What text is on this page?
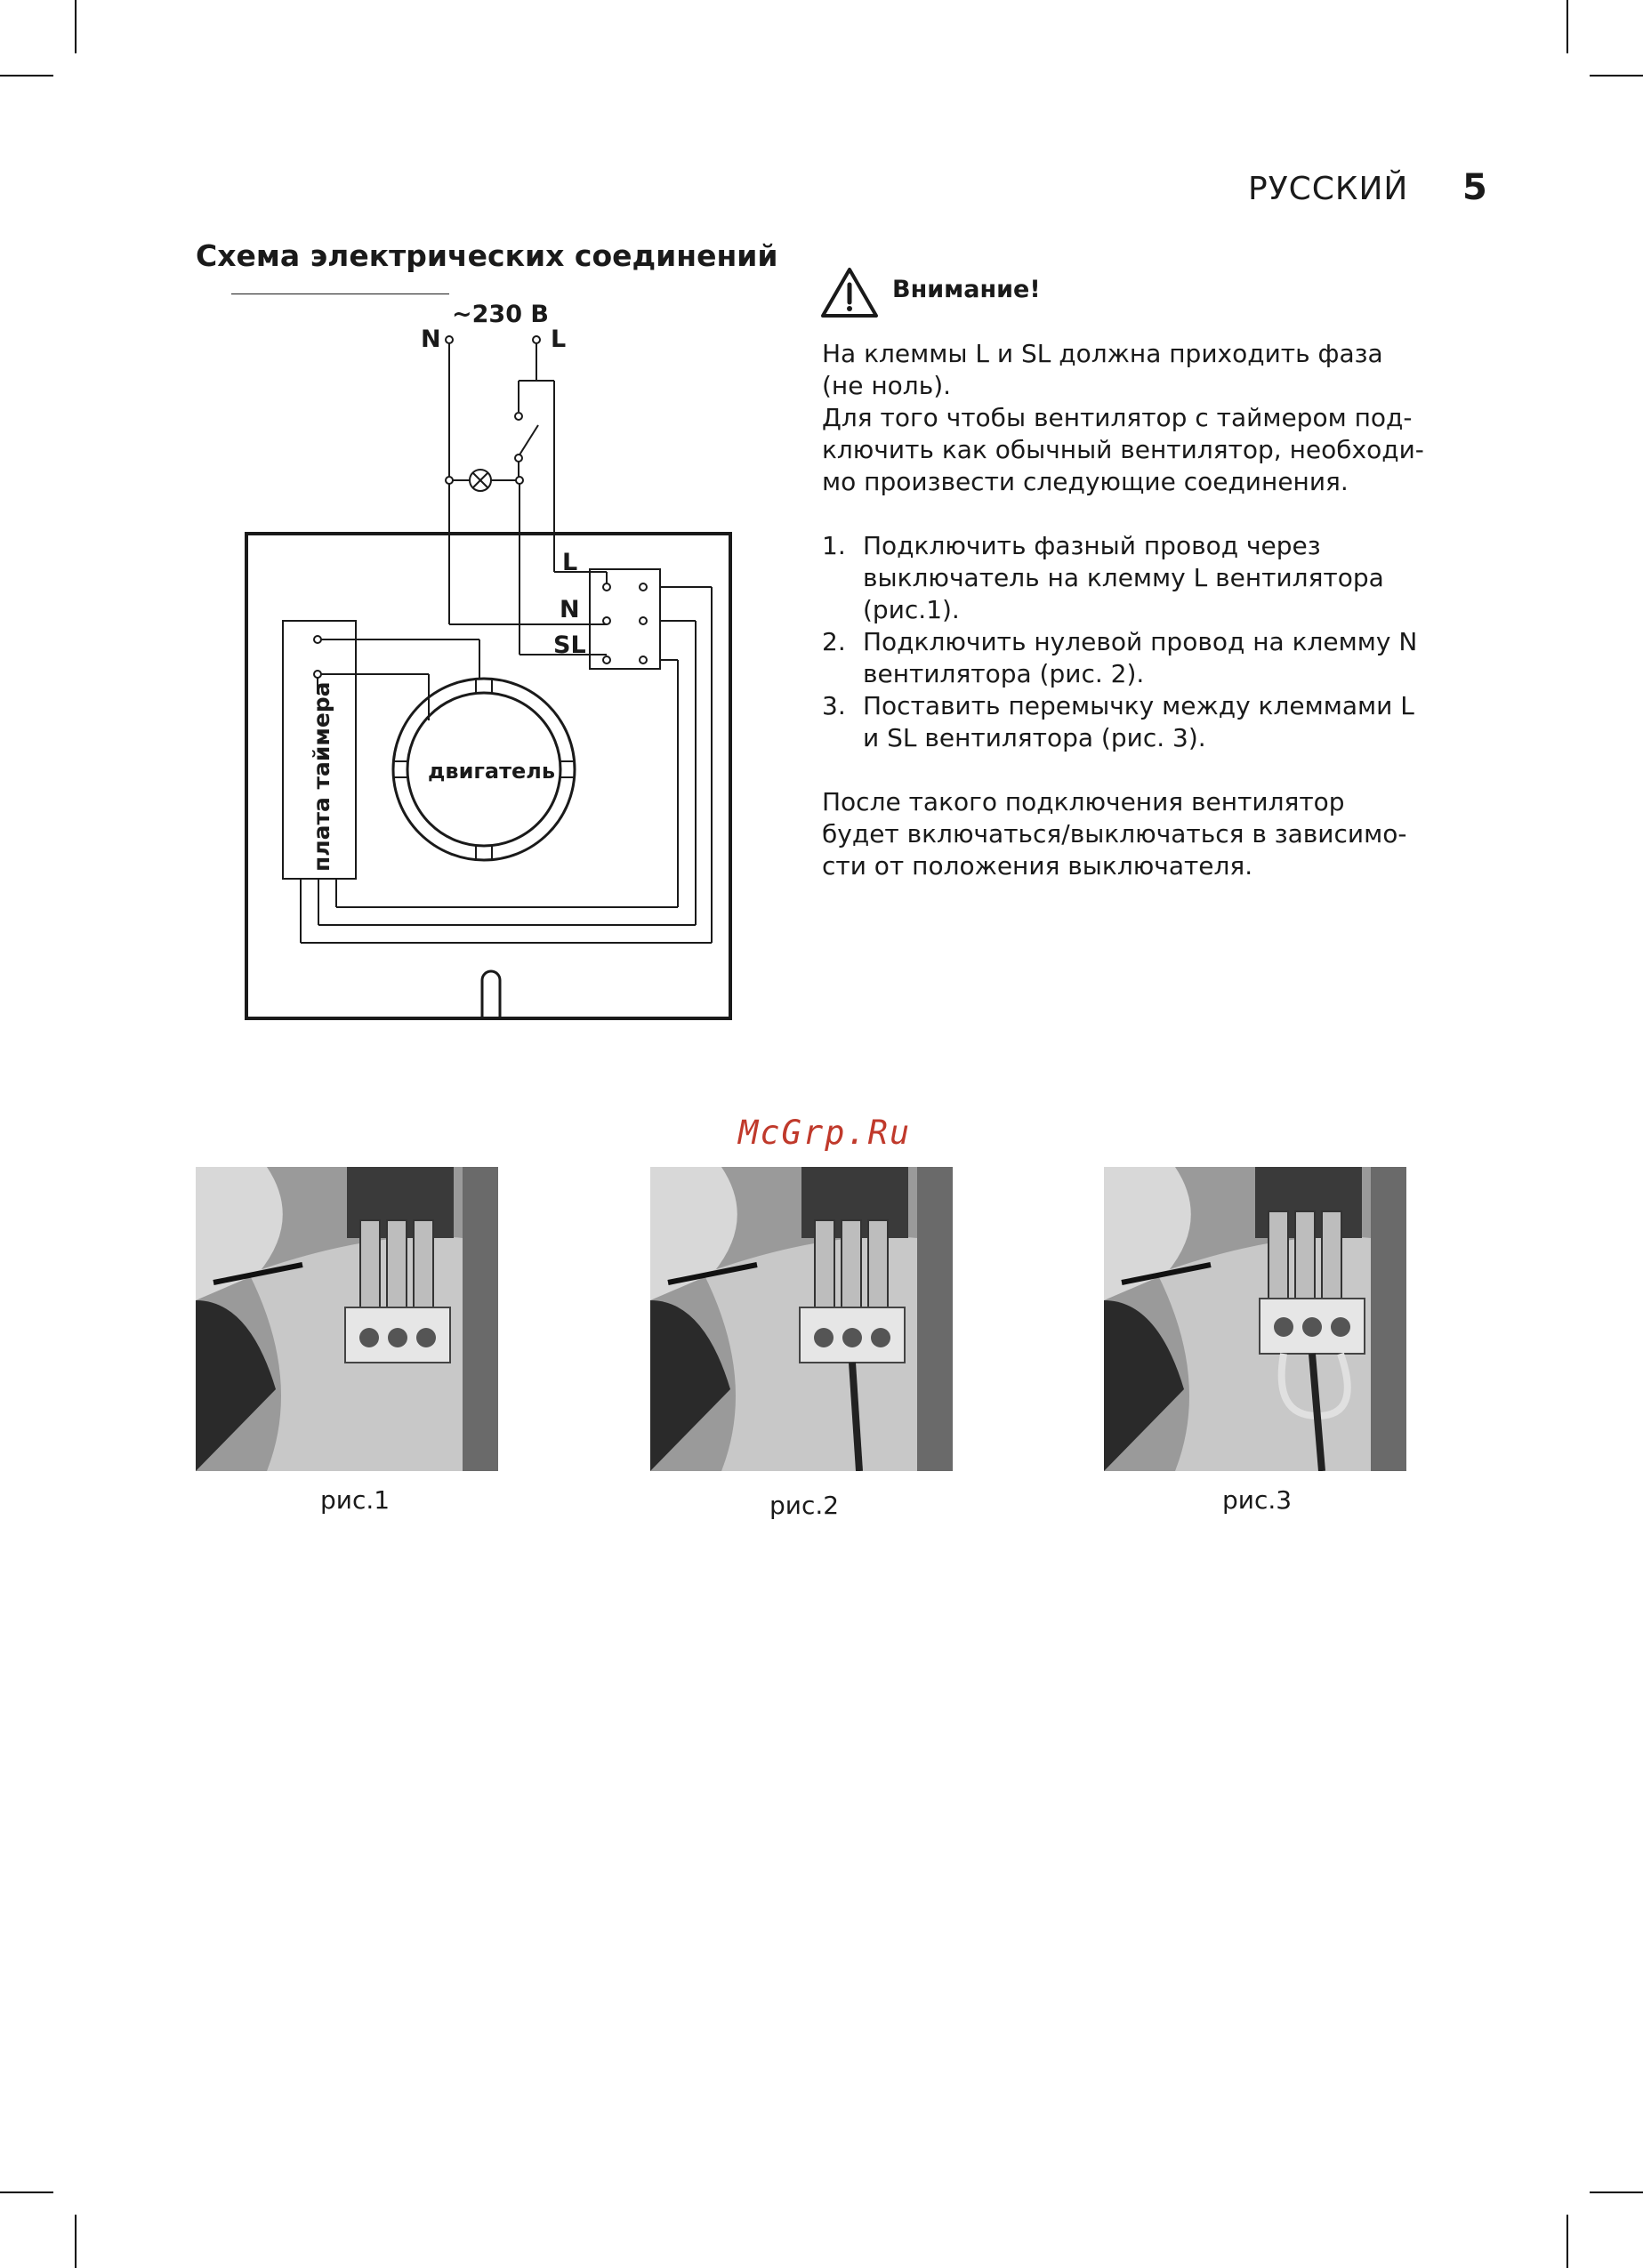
РУССКИЙ 5
Схема электрических соединений
~230 В
N	L
L
N
SL
двигатель
плата таймера
Внимание!
На клеммы L и SL должна приходить фаза
(не ноль).
Для того чтобы вентилятор с таймером под-
ключить как обычный вентилятор, необходи-
мо произвести следующие соединения.
1. Подключить фазный провод через
выключатель на клемму L вентилятора
(рис.1).
2. Подключить нулевой провод на клемму N
вентилятора (рис. 2).
3. Поставить перемычку между клеммами L
и SL вентилятора (рис. 3).
После такого подключения вентилятор
будет включаться/выключаться в зависимо-
сти от положения выключателя.
McGrp.Ru
рис.1	рис.2	рис.3
